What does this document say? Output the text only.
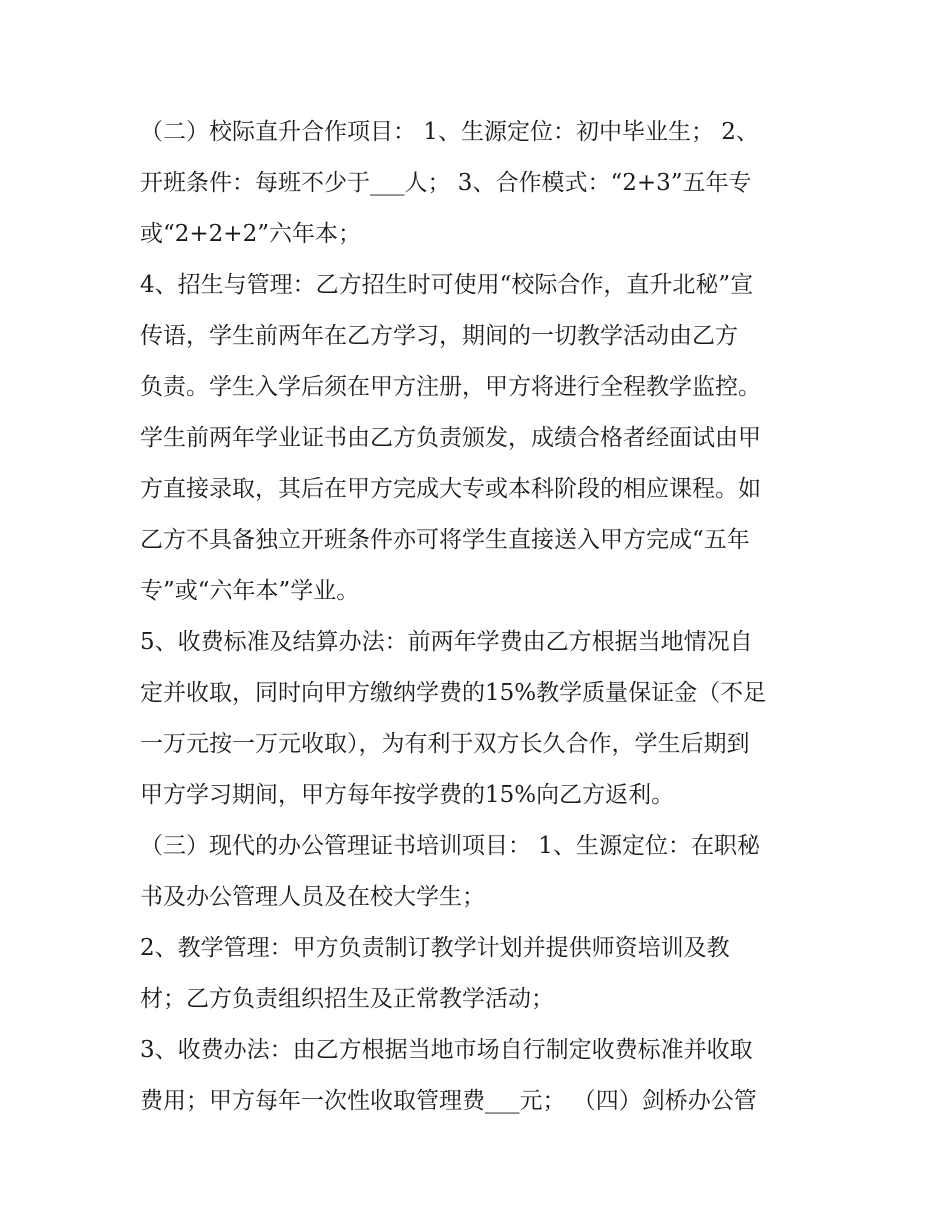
（二）校际直升合作项目： 1、生源定位：初中毕业生； 2、
开班条件：每班不少于___人； 3、合作模式：“2+3”五年专
或“2+2+2”六年本；
4、招生与管理：乙方招生时可使用“校际合作，直升北秘”宣
传语，学生前两年在乙方学习，期间的一切教学活动由乙方
负责。学生入学后须在甲方注册，甲方将进行全程教学监控。
学生前两年学业证书由乙方负责颁发，成绩合格者经面试由甲
方直接录取，其后在甲方完成大专或本科阶段的相应课程。如
乙方不具备独立开班条件亦可将学生直接送入甲方完成“五年
专”或“六年本”学业。
5、收费标准及结算办法：前两年学费由乙方根据当地情况自
定并收取，同时向甲方缴纳学费的15%教学质量保证金（不足
一万元按一万元收取），为有利于双方长久合作，学生后期到
甲方学习期间，甲方每年按学费的15%向乙方返利。
（三）现代的办公管理证书培训项目： 1、生源定位：在职秘
书及办公管理人员及在校大学生；
2、教学管理：甲方负责制订教学计划并提供师资培训及教
材；乙方负责组织招生及正常教学活动；
3、收费办法：由乙方根据当地市场自行制定收费标准并收取
费用；甲方每年一次性收取管理费___元； （四）剑桥办公管
